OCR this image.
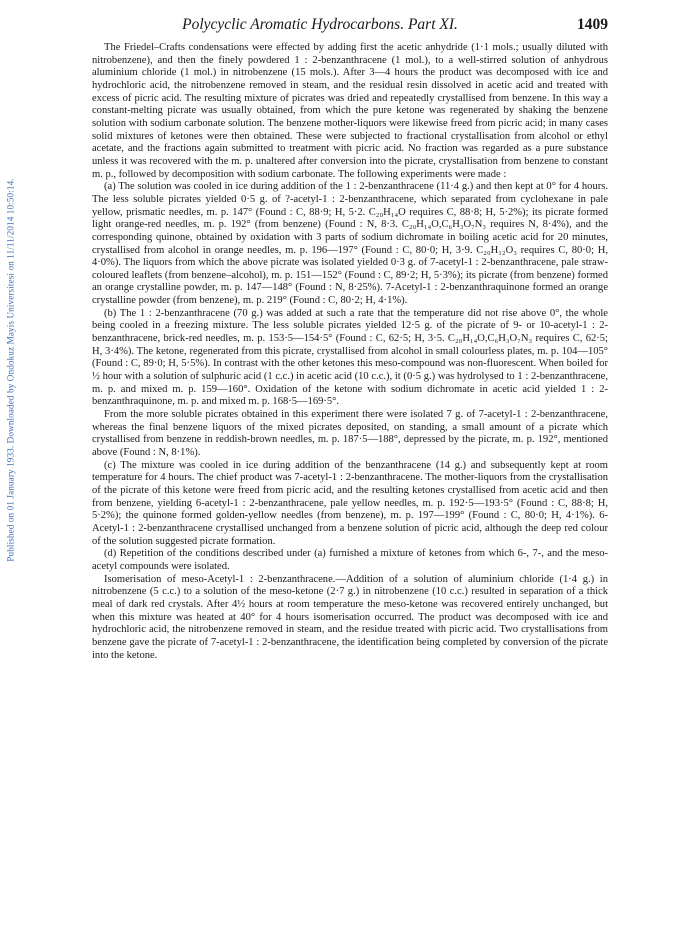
Published on 01 January 1933. Downloaded by Ondokuz Mayis Universitesi on 11/11/2014 10:50:14.
Polycyclic Aromatic Hydrocarbons. Part XI.	1409

The Friedel–Crafts condensations were effected by adding first the acetic anhydride (1·1 mols.; usually diluted with nitrobenzene), and then the finely powdered 1 : 2-benzanthracene (1 mol.), to a well-stirred solution of anhydrous aluminium chloride (1 mol.) in nitrobenzene (15 mols.). After 3—4 hours the product was decomposed with ice and hydrochloric acid, the nitrobenzene removed in steam, and the residual resin dissolved in acetic acid and treated with excess of picric acid. The resulting mixture of picrates was dried and repeatedly crystallised from benzene. In this way a constant-melting picrate was usually obtained, from which the pure ketone was regenerated by shaking the benzene solution with sodium carbonate solution. The benzene mother-liquors were likewise freed from picric acid; in many cases solid mixtures of ketones were then obtained. These were subjected to fractional crystallisation from alcohol or ethyl acetate, and the fractions again submitted to treatment with picric acid. No fraction was regarded as a pure substance unless it was recovered with the m. p. unaltered after conversion into the picrate, crystallisation from benzene to constant m. p., followed by decomposition with sodium carbonate. The following experiments were made :

(a) The solution was cooled in ice during addition of the 1 : 2-benzanthracene (11·4 g.) and then kept at 0° for 4 hours. The less soluble picrates yielded 0·5 g. of ?-acetyl-1 : 2-benzanthracene, which separated from cyclohexane in pale yellow, prismatic needles, m. p. 147° (Found : C, 88·9; H, 5·2. C₂₀H₁₄O requires C, 88·8; H, 5·2%); its picrate formed light orange-red needles, m. p. 192° (from benzene) (Found : N, 8·3. C₂₀H₁₄O,C₆H₃O₇N₃ requires N, 8·4%), and the corresponding quinone, obtained by oxidation with 3 parts of sodium dichromate in boiling acetic acid for 20 minutes, crystallised from alcohol in orange needles, m. p. 196—197° (Found : C, 80·0; H, 3·9. C₂₀H₁₂O₃ requires C, 80·0; H, 4·0%). The liquors from which the above picrate was isolated yielded 0·3 g. of 7-acetyl-1 : 2-benzanthracene, pale straw-coloured leaflets (from benzene–alcohol), m. p. 151—152° (Found : C, 89·2; H, 5·3%); its picrate (from benzene) formed an orange crystalline powder, m. p. 147—148° (Found : N, 8·25%). 7-Acetyl-1 : 2-benzanthraquinone formed an orange crystalline powder (from benzene), m. p. 219° (Found : C, 80·2; H, 4·1%).

(b) The 1 : 2-benzanthracene (70 g.) was added at such a rate that the temperature did not rise above 0°, the whole being cooled in a freezing mixture. The less soluble picrates yielded 12·5 g. of the picrate of 9- or 10-acetyl-1 : 2-benzanthracene, brick-red needles, m. p. 153·5—154·5° (Found : C, 62·5; H, 3·5. C₂₀H₁₄O,C₆H₃O₇N₃ requires C, 62·5; H, 3·4%). The ketone, regenerated from this picrate, crystallised from alcohol in small colourless plates, m. p. 104—105° (Found : C, 89·0; H, 5·5%). In contrast with the other ketones this meso-compound was non-fluorescent. When boiled for ½ hour with a solution of sulphuric acid (1 c.c.) in acetic acid (10 c.c.), it (0·5 g.) was hydrolysed to 1 : 2-benzanthracene, m. p. and mixed m. p. 159—160°. Oxidation of the ketone with sodium dichromate in acetic acid yielded 1 : 2-benzanthraquinone, m. p. and mixed m. p. 168·5—169·5°.

From the more soluble picrates obtained in this experiment there were isolated 7 g. of 7-acetyl-1 : 2-benzanthracene, whereas the final benzene liquors of the mixed picrates deposited, on standing, a small amount of a picrate which crystallised from benzene in reddish-brown needles, m. p. 187·5—188°, depressed by the picrate, m. p. 192°, mentioned above (Found : N, 8·1%).

(c) The mixture was cooled in ice during addition of the benzanthracene (14 g.) and subsequently kept at room temperature for 4 hours. The chief product was 7-acetyl-1 : 2-benzanthracene. The mother-liquors from the crystallisation of the picrate of this ketone were freed from picric acid, and the resulting ketones crystallised from acetic acid and then from benzene, yielding 6-acetyl-1 : 2-benzanthracene, pale yellow needles, m. p. 192·5—193·5° (Found : C, 88·8; H, 5·2%); the quinone formed golden-yellow needles (from benzene), m. p. 197—199° (Found : C, 80·0; H, 4·1%). 6-Acetyl-1 : 2-benzanthracene crystallised unchanged from a benzene solution of picric acid, although the deep red colour of the solution suggested picrate formation.

(d) Repetition of the conditions described under (a) furnished a mixture of ketones from which 6-, 7-, and the meso-acetyl compounds were isolated.

Isomerisation of meso-Acetyl-1 : 2-benzanthracene.—Addition of a solution of aluminium chloride (1·4 g.) in nitrobenzene (5 c.c.) to a solution of the meso-ketone (2·7 g.) in nitrobenzene (10 c.c.) resulted in separation of a thick meal of dark red crystals. After 4½ hours at room temperature the meso-ketone was recovered entirely unchanged, but when this mixture was heated at 40° for 4 hours isomerisation occurred. The product was decomposed with ice and hydrochloric acid, the nitrobenzene removed in steam, and the residue treated with picric acid. Two crystallisations from benzene gave the picrate of 7-acetyl-1 : 2-benzanthracene, the identification being completed by conversion of the picrate into the ketone.
